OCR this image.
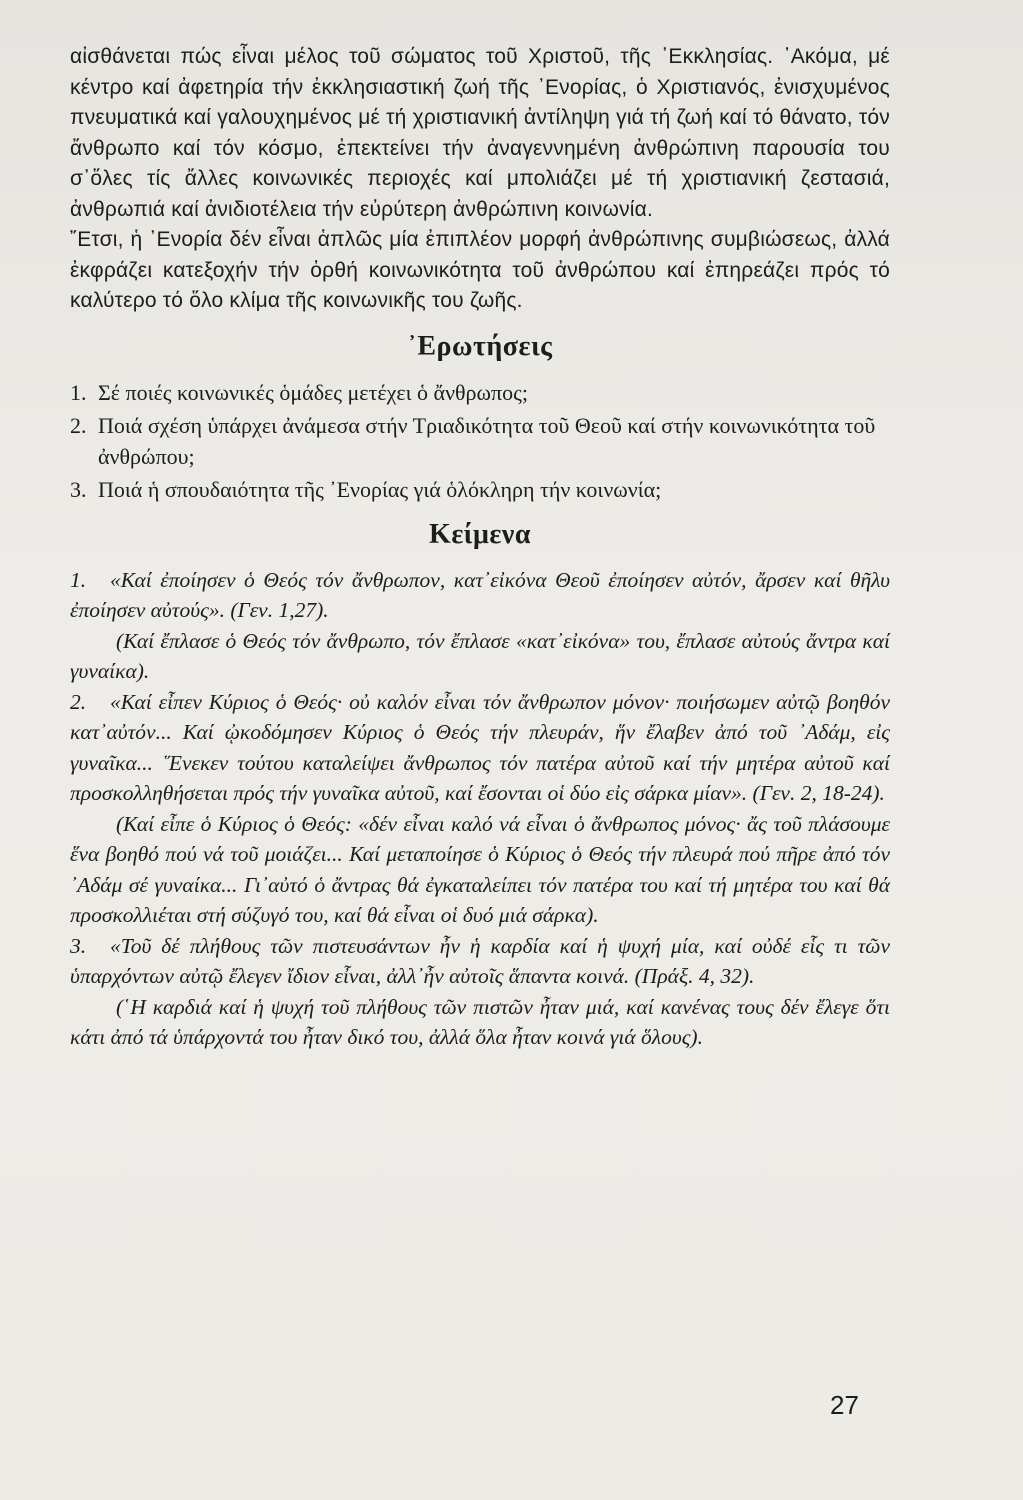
αἰσθάνεται πώς εἶναι μέλος τοῦ σώματος τοῦ Χριστοῦ, τῆς ᾿Εκκλησίας. ᾿Ακόμα, μέ κέντρο καί ἀφετηρία τήν ἐκκλησιαστική ζωή τῆς ᾿Ενορίας, ὁ Χριστιανός, ἐνισχυμένος πνευματικά καί γαλουχημένος μέ τή χριστιανική ἀντίληψη γιά τή ζωή καί τό θάνατο, τόν ἄνθρωπο καί τόν κόσμο, ἐπεκτείνει τήν ἀναγεννημένη ἀνθρώπινη παρουσία του σ᾿ὅλες τίς ἄλλες κοινωνικές περιοχές καί μπολιάζει μέ τή χριστιανική ζεστασιά, ἀνθρωπιά καί ἀνιδιοτέλεια τήν εὐρύτερη ἀνθρώπινη κοινωνία.

῎Ετσι, ἡ ᾿Ενορία δέν εἶναι ἁπλῶς μία ἐπιπλέον μορφή ἀνθρώπινης συμβιώσεως, ἀλλά ἐκφράζει κατεξοχήν τήν ὀρθή κοινωνικότητα τοῦ ἀνθρώπου καί ἐπηρεάζει πρός τό καλύτερο τό ὅλο κλίμα τῆς κοινωνικῆς του ζωῆς.

᾿Ερωτήσεις
1. Σέ ποιές κοινωνικές ὁμάδες μετέχει ὁ ἄνθρωπος;
2. Ποιά σχέση ὑπάρχει ἀνάμεσα στήν Τριαδικότητα τοῦ Θεοῦ καί στήν κοινωνικότητα τοῦ ἀνθρώπου;
3. Ποιά ἡ σπουδαιότητα τῆς ᾿Ενορίας γιά ὁλόκληρη τήν κοινωνία;
Κείμενα
1. «Καί ἐποίησεν ὁ Θεός τόν ἄνθρωπον, κατ᾿εἰκόνα Θεοῦ ἐποίησεν αὐτόν, ἄρσεν καί θῆλυ ἐποίησεν αὐτούς». (Γεν. 1,27).
(Καί ἔπλασε ὁ Θεός τόν ἄνθρωπο, τόν ἔπλασε «κατ᾿εἰκόνα» του, ἔπλασε αὐτούς ἄντρα καί γυναίκα).
2. «Καί εἶπεν Κύριος ὁ Θεός· οὐ καλόν εἶναι τόν ἄνθρωπον μόνον· ποιήσωμεν αὐτῷ βοηθόν κατ᾿αὐτόν... Καί ᾠκοδόμησεν Κύριος ὁ Θεός τήν πλευράν, ἥν ἔλαβεν ἀπό τοῦ ᾿Αδάμ, εἰς γυναῖκα... ῞Ενεκεν τούτου καταλείψει ἄνθρωπος τόν πατέρα αὐτοῦ καί τήν μητέρα αὐτοῦ καί προσκολληθήσεται πρός τήν γυναῖκα αὐτοῦ, καί ἔσονται οἱ δύο εἰς σάρκα μίαν». (Γεν. 2, 18-24).
(Καί εἶπε ὁ Κύριος ὁ Θεός: «δέν εἶναι καλό νά εἶναι ὁ ἄνθρωπος μόνος· ἄς τοῦ πλάσουμε ἕνα βοηθό πού νά τοῦ μοιάζει... Καί μεταποίησε ὁ Κύριος ὁ Θεός τήν πλευρά πού πῆρε ἀπό τόν ᾿Αδάμ σέ γυναίκα... Γι᾿αὐτό ὁ ἄντρας θά ἐγκαταλείπει τόν πατέρα του καί τή μητέρα του καί θά προσκολλιέται στή σύζυγό του, καί θά εἶναι οἱ δυό μιά σάρκα).
3. «Τοῦ δέ πλήθους τῶν πιστευσάντων ἦν ἡ καρδία καί ἡ ψυχή μία, καί οὐδέ εἷς τι τῶν ὑπαρχόντων αὐτῷ ἔλεγεν ἴδιον εἶναι, ἀλλ᾿ἦν αὐτοῖς ἅπαντα κοινά. (Πράξ. 4, 32).
(῾Η καρδιά καί ἡ ψυχή τοῦ πλήθους τῶν πιστῶν ἦταν μιά, καί κανένας τους δέν ἔλεγε ὅτι κάτι ἀπό τά ὑπάρχοντά του ἦταν δικό του, ἀλλά ὅλα ἦταν κοινά γιά ὅλους).
27
